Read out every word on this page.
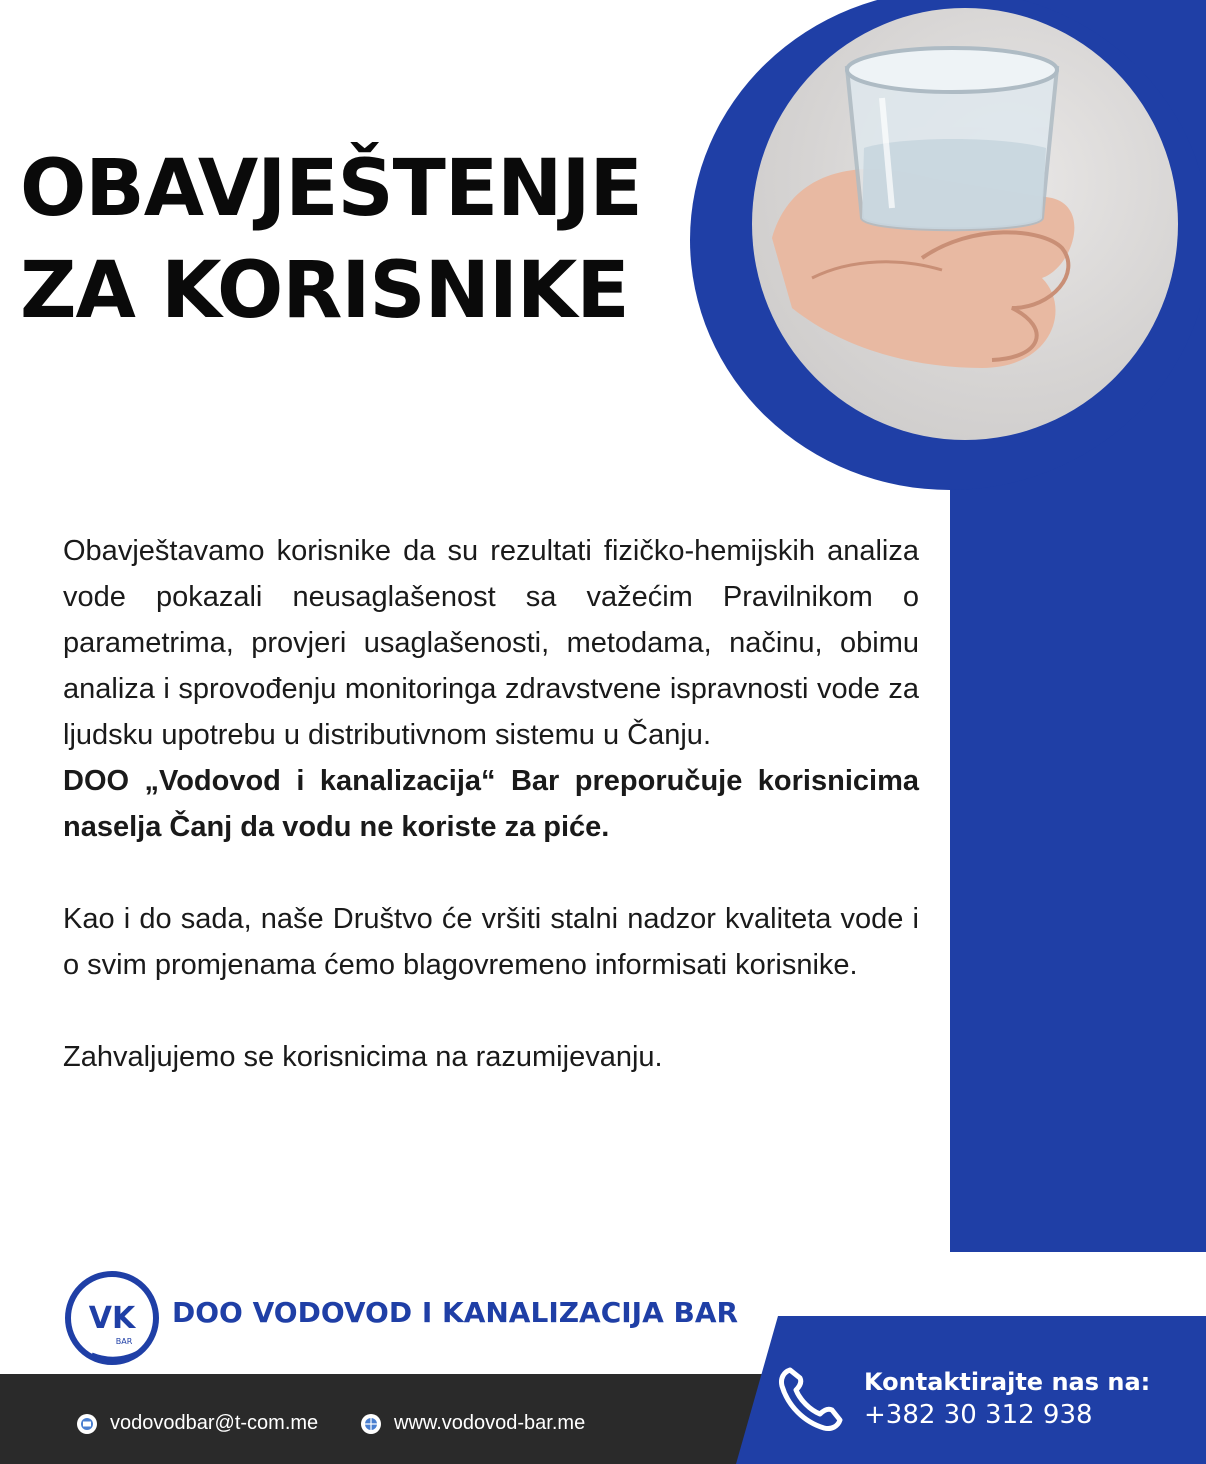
OBAVJEŠTENJE
ZA KORISNIKE

Obavještavamo korisnike da su rezultati fizičko-hemijskih analiza vode pokazali neusaglašenost sa važećim Pravilnikom o parametrima, provjeri usaglašenosti, metodama, načinu, obimu analiza i sprovođenju monitoringa zdravstvene ispravnosti vode za ljudsku upotrebu u distributivnom sistemu u Čanju.

DOO „Vodovod i kanalizacija“ Bar preporučuje korisnicima naselja Čanj da vodu ne koriste za piće.

Kao i do sada, naše Društvo će vršiti stalni nadzor kvaliteta vode i o svim promjenama ćemo blagovremeno informisati korisnike.

Zahvaljujemo se korisnicima na razumijevanju.

VK
BAR
DOO VODOVOD I KANALIZACIJA BAR
vodovodbar@t-com.me	www.vodovod-bar.me
Kontaktirajte nas na:
+382 30 312 938
